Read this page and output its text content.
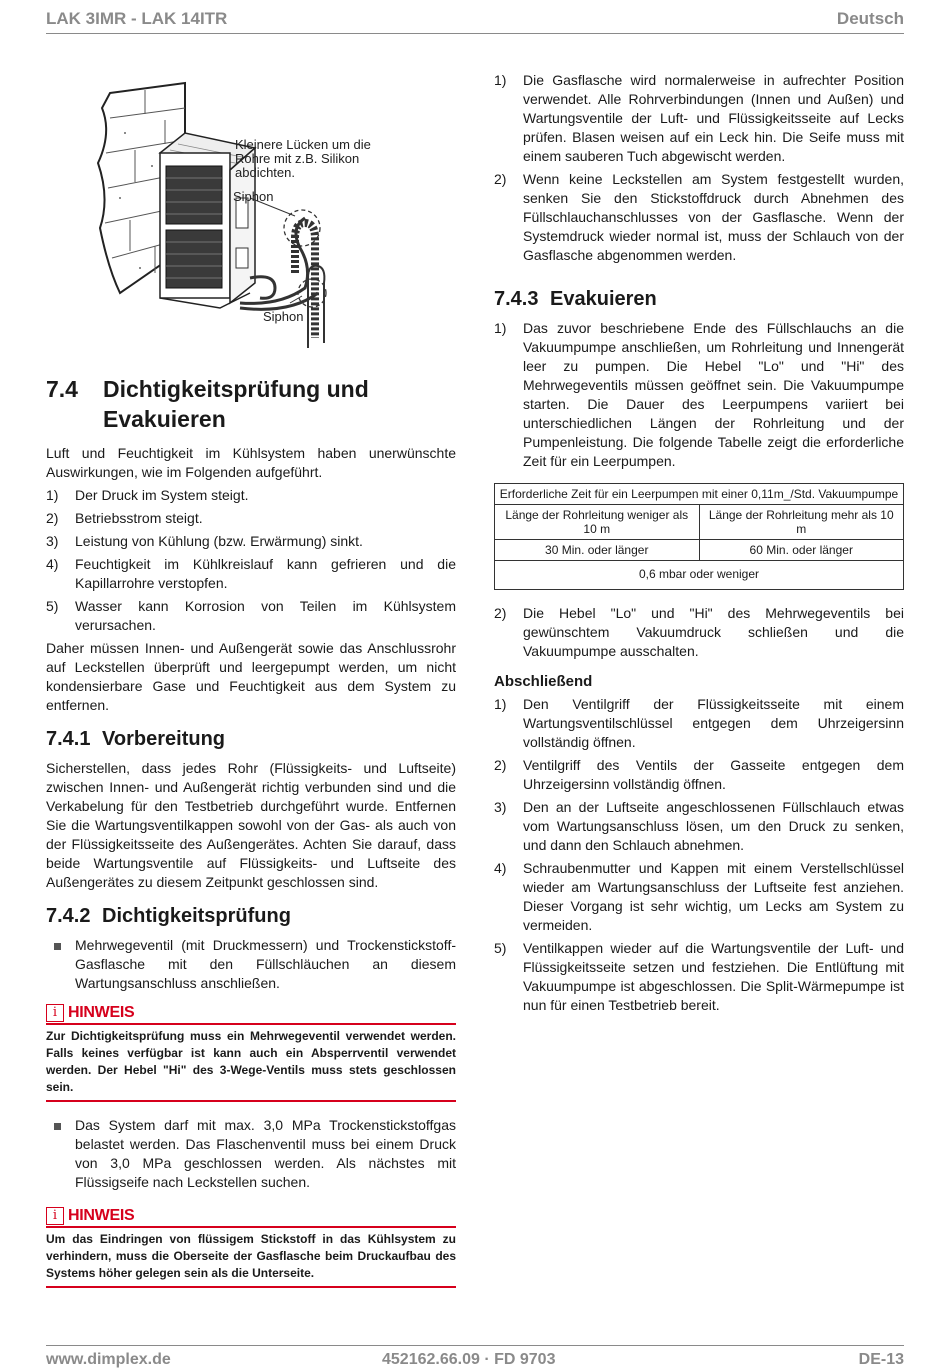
LAK 3IMR - LAK 14ITR	Deutsch
Kleinere Lücken um die Rohre mit z.B. Silikon abdichten.
Siphon
Siphon
7.4	Dichtigkeitsprüfung und Evakuieren

Luft und Feuchtigkeit im Kühlsystem haben unerwünschte Auswirkungen, wie im Folgenden aufgeführt.

1)	Der Druck im System steigt.
2)	Betriebsstrom steigt.
3)	Leistung von Kühlung (bzw. Erwärmung) sinkt.
4)	Feuchtigkeit im Kühlkreislauf kann gefrieren und die Kapillarrohre verstopfen.
5)	Wasser kann Korrosion von Teilen im Kühlsystem verursachen.

Daher müssen Innen- und Außengerät sowie das Anschlussrohr auf Leckstellen überprüft und leergepumpt werden, um nicht kondensierbare Gase und Feuchtigkeit aus dem System zu entfernen.

7.4.1 Vorbereitung

Sicherstellen, dass jedes Rohr (Flüssigkeits- und Luftseite) zwischen Innen- und Außengerät richtig verbunden sind und die Verkabelung für den Testbetrieb durchgeführt wurde. Entfernen Sie die Wartungsventilkappen sowohl von der Gas- als auch von der Flüssigkeitsseite des Außengerätes. Achten Sie darauf, dass beide Wartungsventile auf Flüssigkeits- und Luftseite des Außengerätes zu diesem Zeitpunkt geschlossen sind.

7.4.2 Dichtigkeitsprüfung
Mehrwegeventil (mit Druckmessern) und Trockenstickstoff-Gasflasche mit den Füllschläuchen an diesem Wartungsanschluss anschließen.
i HINWEIS
Zur Dichtigkeitsprüfung muss ein Mehrwegeventil verwendet werden. Falls keines verfügbar ist kann auch ein Absperrventil verwendet werden. Der Hebel "Hi" des 3-Wege-Ventils muss stets geschlossen sein.
Das System darf mit max. 3,0 MPa Trockenstickstoffgas belastet werden. Das Flaschenventil muss bei einem Druck von 3,0 MPa geschlossen werden. Als nächstes mit Flüssigseife nach Leckstellen suchen.
i HINWEIS
Um das Eindringen von flüssigem Stickstoff in das Kühlsystem zu verhindern, muss die Oberseite der Gasflasche beim Druckaufbau des Systems höher gelegen sein als die Unterseite.
1)	Die Gasflasche wird normalerweise in aufrechter Position verwendet. Alle Rohrverbindungen (Innen und Außen) und Wartungsventile der Luft- und Flüssigkeitsseite auf Lecks prüfen. Blasen weisen auf ein Leck hin. Die Seife muss mit einem sauberen Tuch abgewischt werden.
2)	Wenn keine Leckstellen am System festgestellt wurden, senken Sie den Stickstoffdruck durch Abnehmen des Füllschlauchanschlusses von der Gasflasche. Wenn der Systemdruck wieder normal ist, muss der Schlauch von der Gasflasche abgenommen werden.
7.4.3 Evakuieren
1)	Das zuvor beschriebene Ende des Füllschlauchs an die Vakuumpumpe anschließen, um Rohrleitung und Innengerät leer zu pumpen. Die Hebel "Lo" und "Hi" des Mehrwegeventils müssen geöffnet sein. Die Vakuumpumpe starten. Die Dauer des Leerpumpens variiert bei unterschiedlichen Längen der Rohrleitung und der Pumpenleistung. Die folgende Tabelle zeigt die erforderliche Zeit für ein Leerpumpen.
Erforderliche Zeit für ein Leerpumpen mit einer 0,11m_/Std. Vakuumpumpe	
Länge der Rohrleitung weniger als 10 m	Länge der Rohrleitung mehr als 10 m
30 Min. oder länger	60 Min. oder länger
0,6 mbar oder weniger	
2)	Die Hebel "Lo" und "Hi" des Mehrwegeventils bei gewünschtem Vakuumdruck schließen und die Vakuumpumpe ausschalten.
Abschließend
1)	Den Ventilgriff der Flüssigkeitsseite mit einem Wartungsventilschlüssel entgegen dem Uhrzeigersinn vollständig öffnen.
2)	Ventilgriff des Ventils der Gasseite entgegen dem Uhrzeigersinn vollständig öffnen.
3)	Den an der Luftseite angeschlossenen Füllschlauch etwas vom Wartungsanschluss lösen, um den Druck zu senken, und dann den Schlauch abnehmen.
4)	Schraubenmutter und Kappen mit einem Verstellschlüssel wieder am Wartungsanschluss der Luftseite fest anziehen. Dieser Vorgang ist sehr wichtig, um Lecks am System zu vermeiden.
5)	Ventilkappen wieder auf die Wartungsventile der Luft- und Flüssigkeitsseite setzen und festziehen. Die Entlüftung mit Vakuumpumpe ist abgeschlossen. Die Split-Wärmepumpe ist nun für einen Testbetrieb bereit.
www.dimplex.de	452162.66.09 · FD 9703	DE-13
